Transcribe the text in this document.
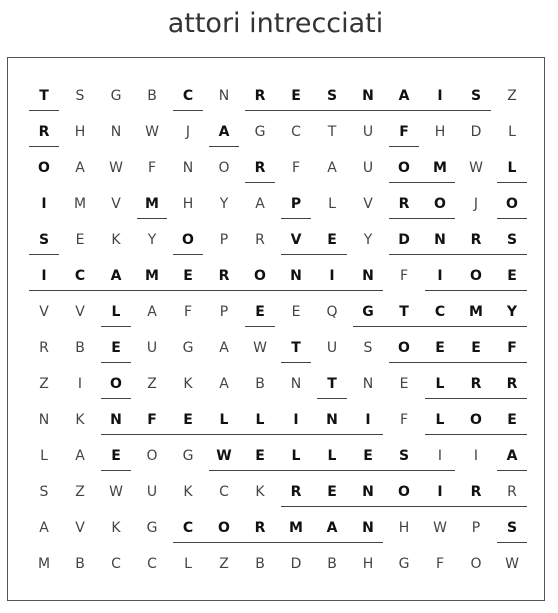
attori intrecciati
T	S	G	B	C	N	R	E	S	N	A	I	S	Z
R	H	N	W	J	A	G	C	T	U	F	H	D	L
O	A	W	F	N	O	R	F	A	U	O	M	W	L
I	M	V	M	H	Y	A	P	L	V	R	O	J	O
S	E	K	Y	O	P	R	V	E	Y	D	N	R	S
I	C	A	M	E	R	O	N	I	N	F	I	O	E
V	V	L	A	F	P	E	E	Q	G	T	C	M	Y
R	B	E	U	G	A	W	T	U	S	O	E	E	F
Z	I	O	Z	K	A	B	N	T	N	E	L	R	R
N	K	N	F	E	L	L	I	N	I	F	L	O	E
L	A	E	O	G	W	E	L	L	E	S	I	I	A
S	Z	W	U	K	C	K	R	E	N	O	I	R	R
A	V	K	G	C	O	R	M	A	N	H	W	P	S
M	B	C	C	L	Z	B	D	B	H	G	F	O	W
